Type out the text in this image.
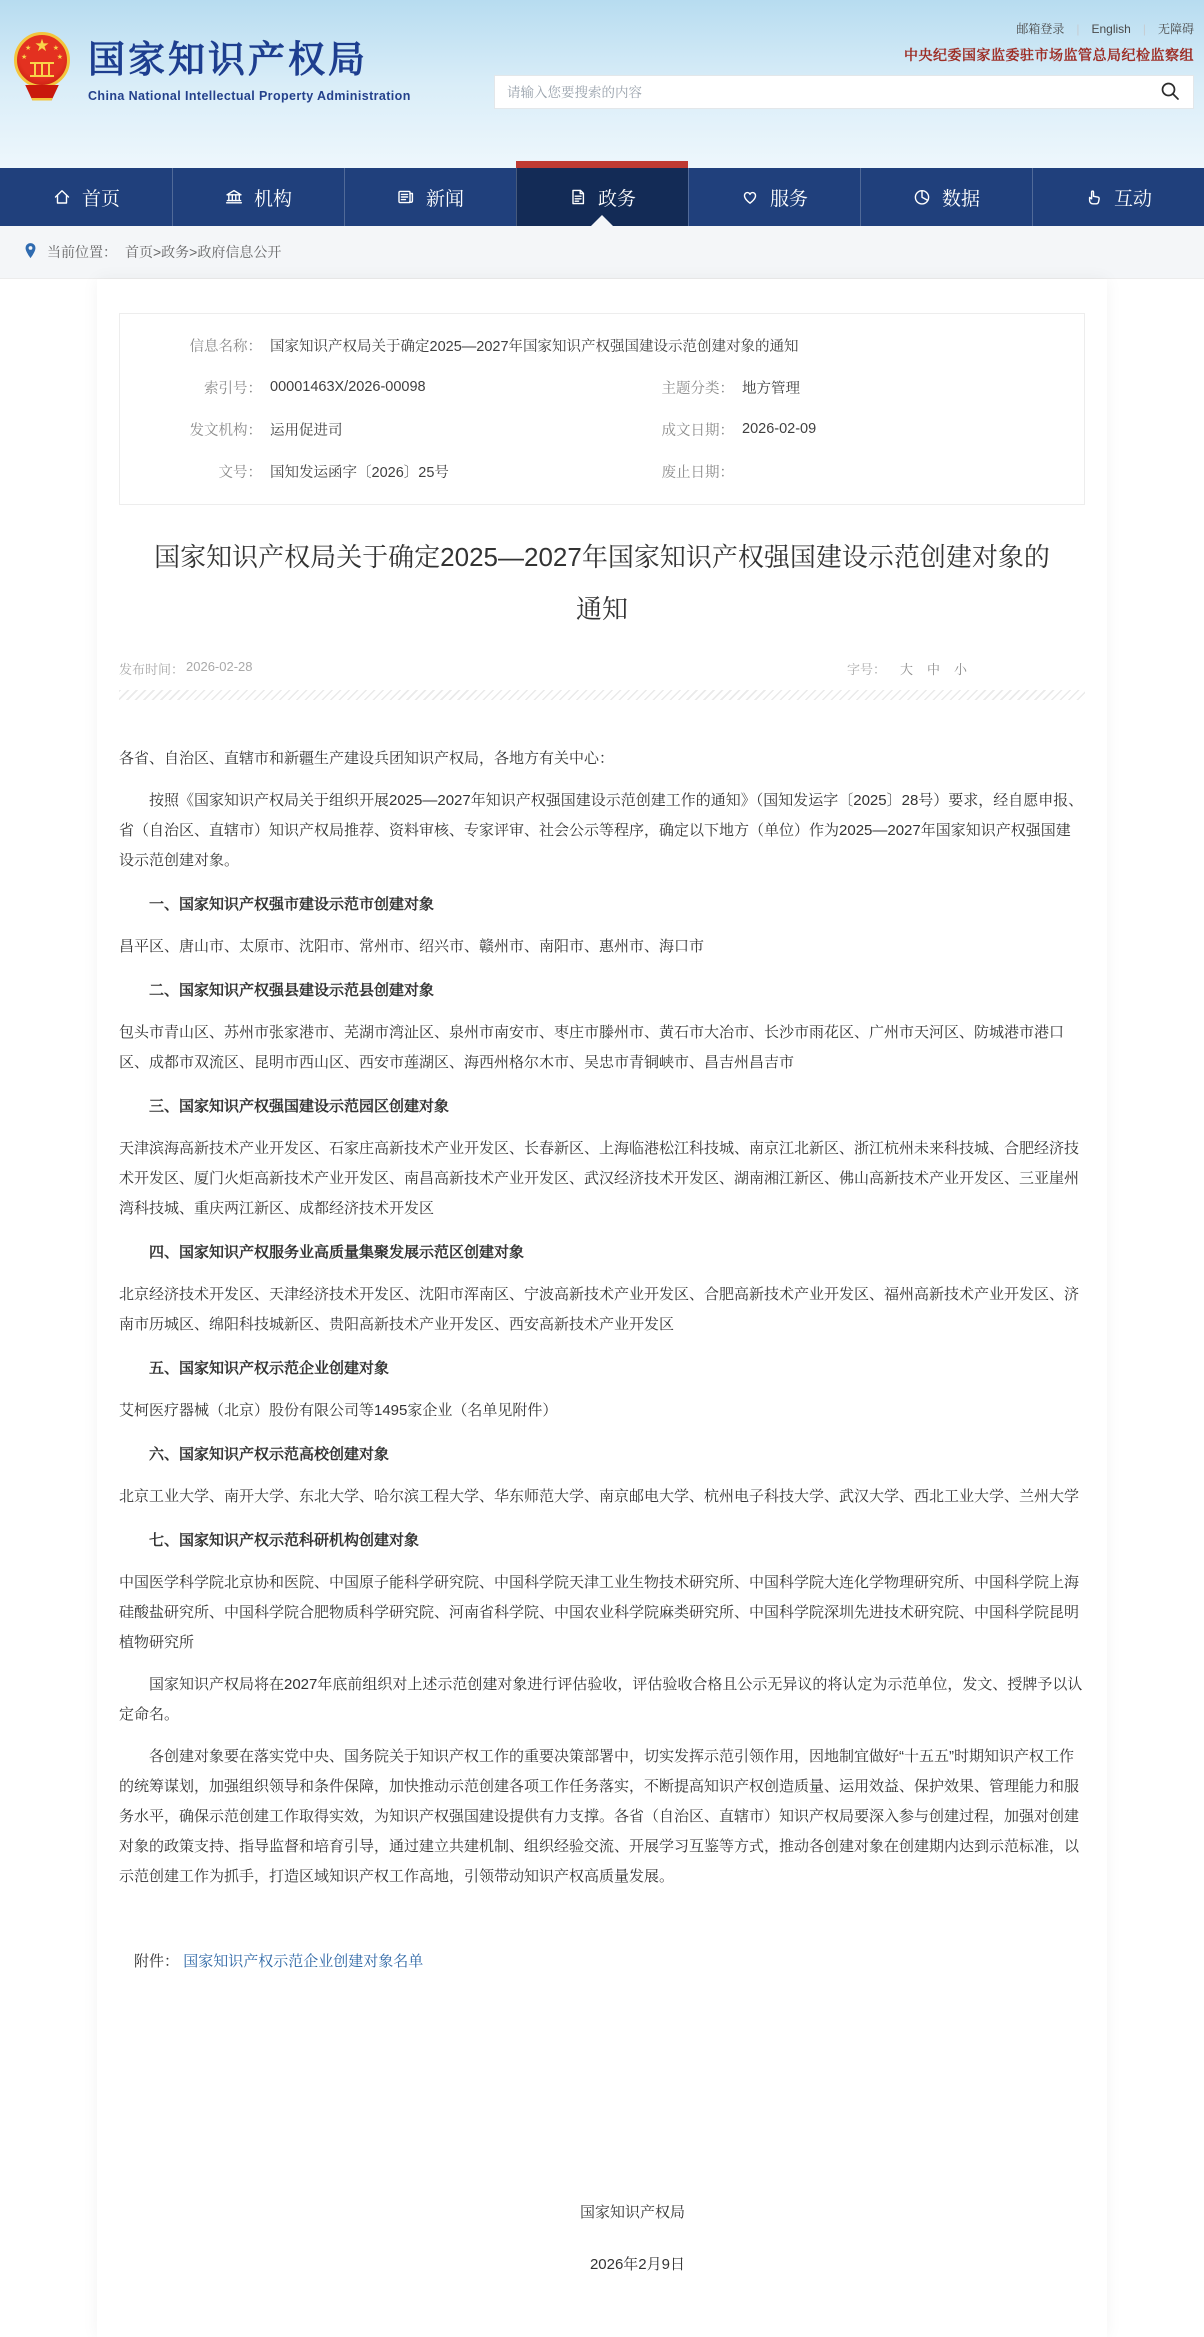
★
★	★
★	★ 国家知识产权局
China National Intellectual Property Administration
邮箱登录 | English | 无障碍
中央纪委国家监委驻市场监管总局纪检监察组
请输入您要搜索的内容
首页	机构	新闻	政务	服务	数据	互动
当前位置： 首页>政务>政府信息公开
信息名称： 国家知识产权局关于确定2025—2027年国家知识产权强国建设示范创建对象的通知
索引号： 00001463X/2026-00098	主题分类： 地方管理
发文机构： 运用促进司	成文日期： 2026-02-09
文号： 国知发运函字〔2026〕25号	废止日期：
国家知识产权局关于确定2025—2027年国家知识产权强国建设示范创建对象的通知
发布时间： 2026-02-28	字号： 大 中 小

各省、自治区、直辖市和新疆生产建设兵团知识产权局，各地方有关中心：

按照《国家知识产权局关于组织开展2025—2027年知识产权强国建设示范创建工作的通知》（国知发运字〔2025〕28号）要求，经自愿申报、省（自治区、直辖市）知识产权局推荐、资料审核、专家评审、社会公示等程序，确定以下地方（单位）作为2025—2027年国家知识产权强国建设示范创建对象。

一、国家知识产权强市建设示范市创建对象

昌平区、唐山市、太原市、沈阳市、常州市、绍兴市、赣州市、南阳市、惠州市、海口市

二、国家知识产权强县建设示范县创建对象

包头市青山区、苏州市张家港市、芜湖市湾沚区、泉州市南安市、枣庄市滕州市、黄石市大冶市、长沙市雨花区、广州市天河区、防城港市港口区、成都市双流区、昆明市西山区、西安市莲湖区、海西州格尔木市、吴忠市青铜峡市、昌吉州昌吉市

三、国家知识产权强国建设示范园区创建对象

天津滨海高新技术产业开发区、石家庄高新技术产业开发区、长春新区、上海临港松江科技城、南京江北新区、浙江杭州未来科技城、合肥经济技术开发区、厦门火炬高新技术产业开发区、南昌高新技术产业开发区、武汉经济技术开发区、湖南湘江新区、佛山高新技术产业开发区、三亚崖州湾科技城、重庆两江新区、成都经济技术开发区

四、国家知识产权服务业高质量集聚发展示范区创建对象

北京经济技术开发区、天津经济技术开发区、沈阳市浑南区、宁波高新技术产业开发区、合肥高新技术产业开发区、福州高新技术产业开发区、济南市历城区、绵阳科技城新区、贵阳高新技术产业开发区、西安高新技术产业开发区

五、国家知识产权示范企业创建对象

艾柯医疗器械（北京）股份有限公司等1495家企业（名单见附件）

六、国家知识产权示范高校创建对象

北京工业大学、南开大学、东北大学、哈尔滨工程大学、华东师范大学、南京邮电大学、杭州电子科技大学、武汉大学、西北工业大学、兰州大学

七、国家知识产权示范科研机构创建对象

中国医学科学院北京协和医院、中国原子能科学研究院、中国科学院天津工业生物技术研究所、中国科学院大连化学物理研究所、中国科学院上海硅酸盐研究所、中国科学院合肥物质科学研究院、河南省科学院、中国农业科学院麻类研究所、中国科学院深圳先进技术研究院、中国科学院昆明植物研究所

国家知识产权局将在2027年底前组织对上述示范创建对象进行评估验收，评估验收合格且公示无异议的将认定为示范单位，发文、授牌予以认定命名。

各创建对象要在落实党中央、国务院关于知识产权工作的重要决策部署中，切实发挥示范引领作用，因地制宜做好“十五五”时期知识产权工作的统筹谋划，加强组织领导和条件保障，加快推动示范创建各项工作任务落实，不断提高知识产权创造质量、运用效益、保护效果、管理能力和服务水平，确保示范创建工作取得实效，为知识产权强国建设提供有力支撑。各省（自治区、直辖市）知识产权局要深入参与创建过程，加强对创建对象的政策支持、指导监督和培育引导，通过建立共建机制、组织经验交流、开展学习互鉴等方式，推动各创建对象在创建期内达到示范标准，以示范创建工作为抓手，打造区域知识产权工作高地，引领带动知识产权高质量发展。

附件： 国家知识产权示范企业创建对象名单
国家知识产权局
2026年2月9日
